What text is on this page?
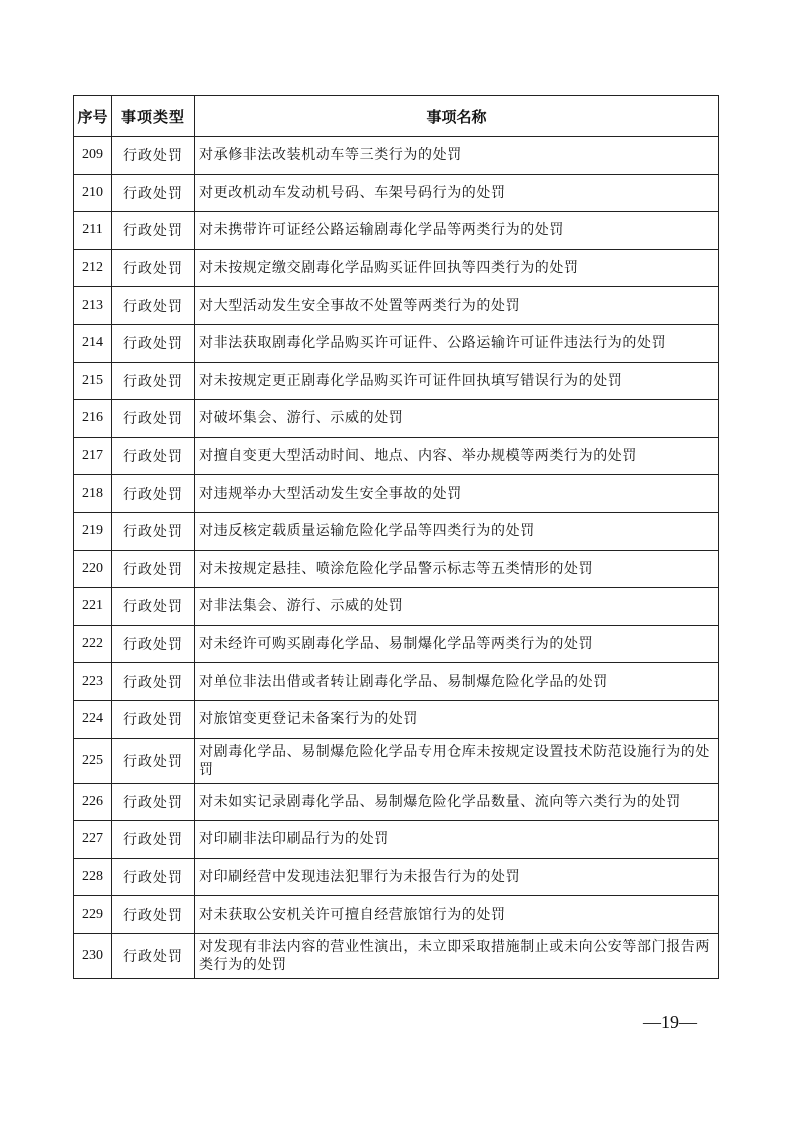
序号	事项类型	事项名称
209	行政处罚	对承修非法改装机动车等三类行为的处罚
210	行政处罚	对更改机动车发动机号码、车架号码行为的处罚
211	行政处罚	对未携带许可证经公路运输剧毒化学品等两类行为的处罚
212	行政处罚	对未按规定缴交剧毒化学品购买证件回执等四类行为的处罚
213	行政处罚	对大型活动发生安全事故不处置等两类行为的处罚
214	行政处罚	对非法获取剧毒化学品购买许可证件、公路运输许可证件违法行为的处罚
215	行政处罚	对未按规定更正剧毒化学品购买许可证件回执填写错误行为的处罚
216	行政处罚	对破坏集会、游行、示威的处罚
217	行政处罚	对擅自变更大型活动时间、地点、内容、举办规模等两类行为的处罚
218	行政处罚	对违规举办大型活动发生安全事故的处罚
219	行政处罚	对违反核定载质量运输危险化学品等四类行为的处罚
220	行政处罚	对未按规定悬挂、喷涂危险化学品警示标志等五类情形的处罚
221	行政处罚	对非法集会、游行、示威的处罚
222	行政处罚	对未经许可购买剧毒化学品、易制爆化学品等两类行为的处罚
223	行政处罚	对单位非法出借或者转让剧毒化学品、易制爆危险化学品的处罚
224	行政处罚	对旅馆变更登记未备案行为的处罚
225	行政处罚	对剧毒化学品、易制爆危险化学品专用仓库未按规定设置技术防范设施行为的处罚
226	行政处罚	对未如实记录剧毒化学品、易制爆危险化学品数量、流向等六类行为的处罚
227	行政处罚	对印刷非法印刷品行为的处罚
228	行政处罚	对印刷经营中发现违法犯罪行为未报告行为的处罚
229	行政处罚	对未获取公安机关许可擅自经营旅馆行为的处罚
230	行政处罚	对发现有非法内容的营业性演出，未立即采取措施制止或未向公安等部门报告两类行为的处罚
—19—
